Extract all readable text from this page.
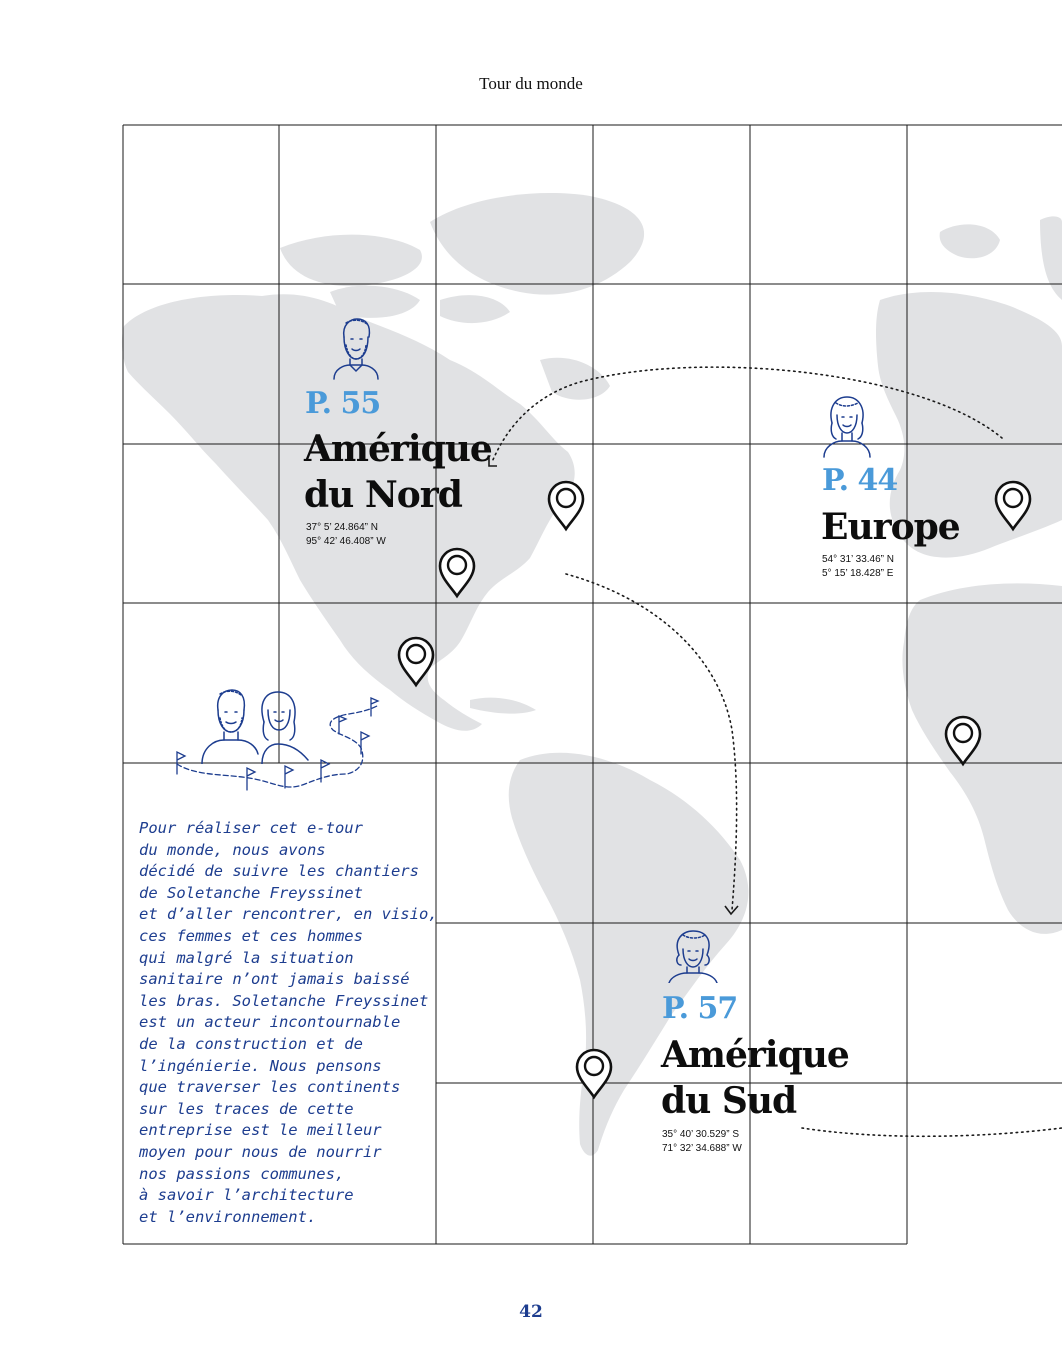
Tour du monde
P. 55
Amérique
du Nord
37° 5’ 24.864” N
95° 42’ 46.408” W
P. 44
Europe
54° 31’ 33.46” N
5° 15’ 18.428” E
P. 57
Amérique
du Sud
35° 40’ 30.529” S
71° 32’ 34.688” W
Pour réaliser cet e-tour
du monde, nous avons
décidé de suivre les chantiers
de Soletanche Freyssinet
et d’aller rencontrer, en visio,
ces femmes et ces hommes
qui malgré la situation
sanitaire n’ont jamais baissé
les bras. Soletanche Freyssinet
est un acteur incontournable
de la construction et de
l’ingénierie. Nous pensons
que traverser les continents
sur les traces de cette
entreprise est le meilleur
moyen pour nous de nourrir
nos passions communes,
à savoir l’architecture
et l’environnement.
42
